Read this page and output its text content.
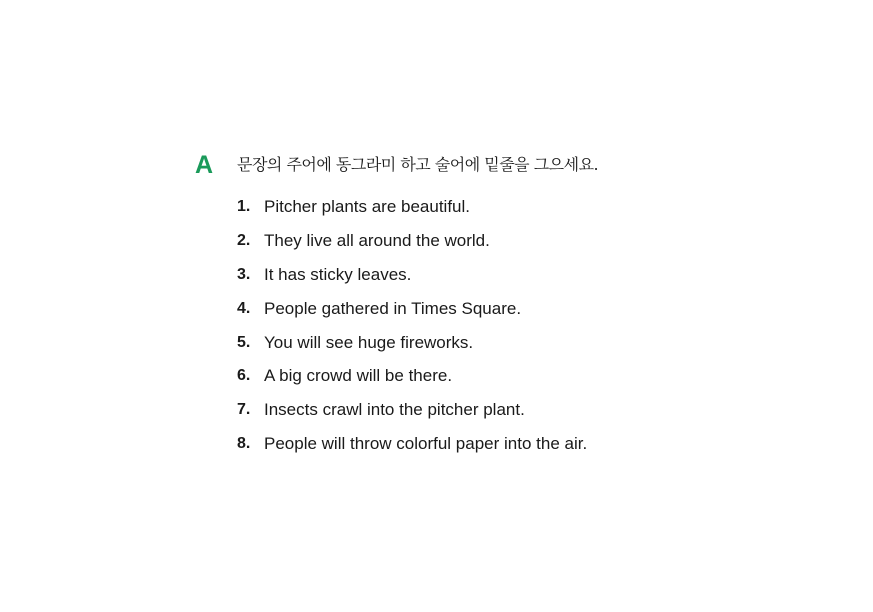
A	문장의 주어에 동그라미 하고 술어에 밑줄을 그으세요.
1. Pitcher plants are beautiful.
2. They live all around the world.
3. It has sticky leaves.
4. People gathered in Times Square.
5. You will see huge fireworks.
6. A big crowd will be there.
7. Insects crawl into the pitcher plant.
8. People will throw colorful paper into the air.
